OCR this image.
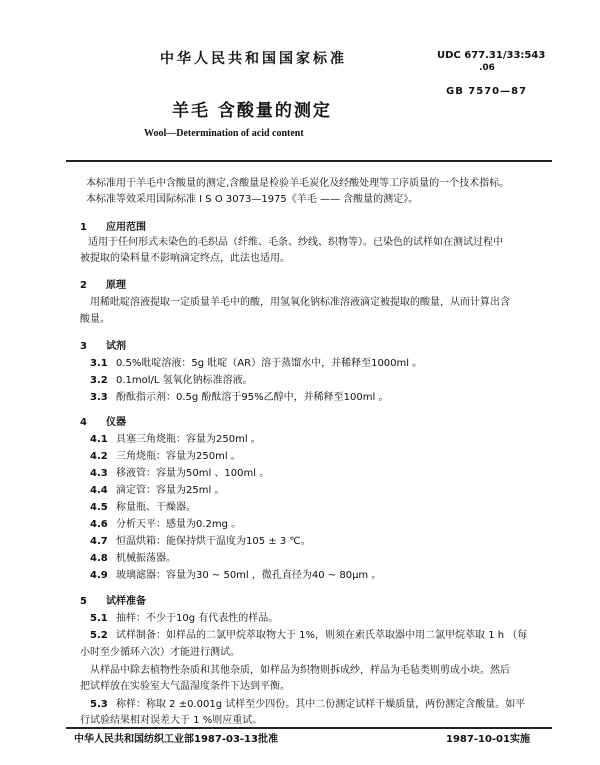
中华人民共和国国家标准	UDC 677.31/33:543
.06
GB 7570—87
羊毛 含酸量的测定
Wool—Determination of acid content
本标准用于羊毛中含酸量的测定,含酸量是检验羊毛炭化及经酸处理等工序质量的一个技术指标。
本标准等效采用国际标准 I S O 3073—1975《羊毛 —— 含酸量的测定》。
1 应用范围
适用于任何形式未染色的毛织品（纤维、毛条、纱线、织物等）。已染色的试样如在测试过程中
被提取的染料量不影响滴定终点，此法也适用。
2 原理
用稀吡啶溶液提取一定质量羊毛中的酸，用氢氧化钠标准溶液滴定被提取的酸量，从而计算出含
酸量。
3 试剂
3.1 0.5%吡啶溶液：5g 吡啶（AR）溶于蒸馏水中，并稀释至1000ml 。
3.2 0.1mol/L 氢氧化钠标准溶液。
3.3 酚酞指示剂：0.5g 酚酞溶于95%乙醇中，并稀释至100ml 。
4 仪器
4.1 具塞三角烧瓶：容量为250ml 。
4.2 三角烧瓶：容量为250ml 。
4.3 移液管：容量为50ml 、100ml 。
4.4 滴定管：容量为25ml 。
4.5 称量瓶、干燥器。
4.6 分析天平：感量为0.2mg 。
4.7 恒温烘箱：能保持烘干温度为105 ± 3 ℃。
4.8 机械振荡器。
4.9 玻璃滤器：容量为30 ~ 50ml ，微孔直径为40 ~ 80μm 。
5 试样准备
5.1 抽样：不少于10g 有代表性的样品。
5.2 试样制备：如样品的二氯甲烷萃取物大于 1%，则须在索氏萃取器中用二氯甲烷萃取 1 h （每
小时至少循环六次）才能进行测试。
从样品中除去植物性杂质和其他杂质，如样品为织物则拆成纱，样品为毛毡类则剪成小块。然后
把试样放在实验室大气温湿度条件下达到平衡。
5.3 称样：称取 2 ±0.001g 试样至少四份。其中二份测定试样干燥质量，两份测定含酸量。如平
行试验结果相对误差大于 1 %则应重试。
中华人民共和国纺织工业部1987-03-13批准	1987-10-01实施
